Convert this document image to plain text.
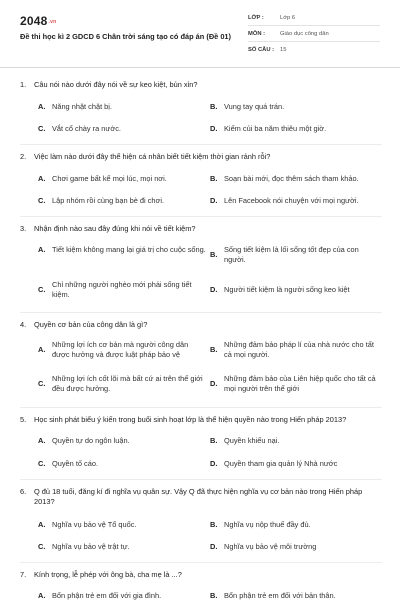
2048.vn
Đề thi học kì 2 GDCD 6 Chân trời sáng tạo có đáp án (Đề 01)
LỚP :	Lớp 6
MÔN :	Giáo dục công dân
SỐ CÂU :	15
1.	Câu nói nào dưới đây nói về sự keo kiệt, bủn xỉn?
A. Năng nhặt chặt bị.	B. Vung tay quá trán.
C. Vắt cổ chày ra nước.	D. Kiếm củi ba năm thiêu một giờ.
2.	Việc làm nào dưới đây thể hiện cá nhân biết tiết kiệm thời gian rảnh rỗi?
A. Chơi game bất kể mọi lúc, mọi nơi.	B. Soạn bài mới, đọc thêm sách tham khảo.
C. Lập nhóm rồi cùng bạn bè đi chơi.	D. Lên Facebook nói chuyện với mọi người.
3.	Nhận định nào sau đây đúng khi nói về tiết kiệm?
A. Tiết kiệm không mang lại giá trị cho cuộc sống.
B.
Sống tiết kiệm là lối sống tốt đẹp của con người.
C.
Chỉ những người nghèo mới phải sống tiết kiệm.
D. Người tiết kiệm là người sống keo kiệt
4.	Quyền cơ bản của công dân là gì?
A.
Những lợi ích cơ bản mà người công dân được hưởng và được luật pháp bảo vệ
B.
Những đảm bảo pháp lí của nhà nước cho tất cả mọi người.
C.
Những lợi ích cốt lõi mà bất cứ ai trên thế giới đều được hưởng.
D.
Những đảm bảo của Liên hiệp quốc cho tất cả mọi người trên thế giới
5.	Học sinh phát biểu ý kiến trong buổi sinh hoạt lớp là thể hiện quyền nào trong Hiến pháp 2013?
A. Quyền tự do ngôn luận.	B. Quyền khiếu nại.
C. Quyền tố cáo.	D. Quyền tham gia quản lý Nhà nước
6.	Q đủ 18 tuổi, đăng kí đi nghĩa vụ quân sự. Vậy Q đã thực hiện nghĩa vụ cơ bản nào trong Hiến pháp 2013?
A. Nghĩa vụ bảo vệ Tổ quốc.	B. Nghĩa vụ nộp thuế đầy đủ.
C. Nghĩa vụ bảo vệ trật tự.	D. Nghĩa vụ bảo vệ môi trường
7.	Kính trọng, lễ phép với ông bà, cha mẹ là ...?
A. Bổn phận trẻ em đối với gia đình.	B. Bổn phận trẻ em đối với bản thân.
